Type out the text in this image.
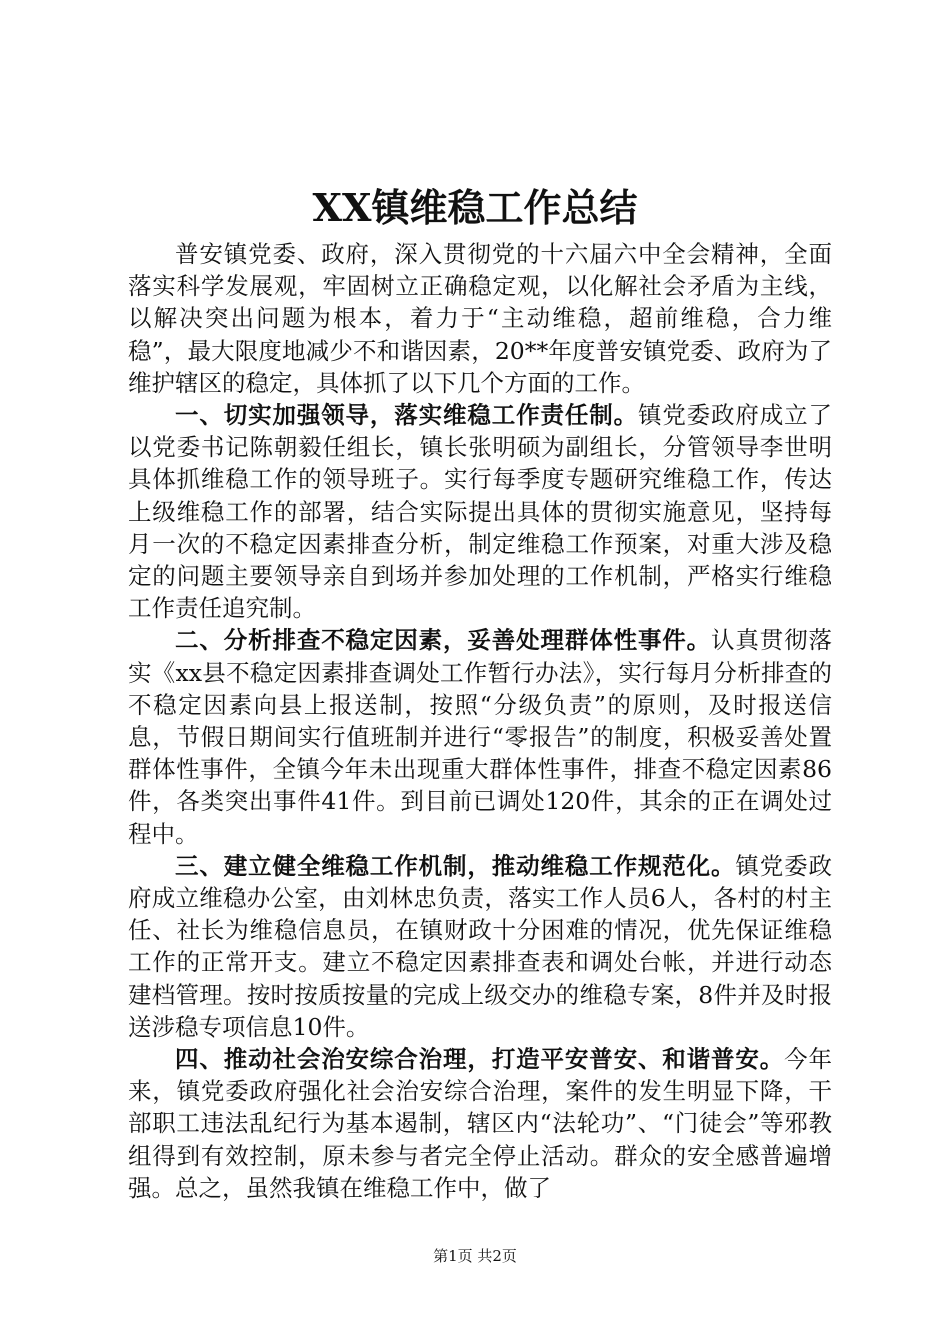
XX镇维稳工作总结

普安镇党委、政府，深入贯彻党的十六届六中全会精神，全面落实科学发展观，牢固树立正确稳定观，以化解社会矛盾为主线，以解决突出问题为根本，着力于“主动维稳，超前维稳，合力维稳”，最大限度地减少不和谐因素，20**年度普安镇党委、政府为了维护辖区的稳定，具体抓了以下几个方面的工作。

一、切实加强领导，落实维稳工作责任制。镇党委政府成立了以党委书记陈朝毅任组长，镇长张明硕为副组长，分管领导李世明具体抓维稳工作的领导班子。实行每季度专题研究维稳工作，传达上级维稳工作的部署，结合实际提出具体的贯彻实施意见，坚持每月一次的不稳定因素排查分析，制定维稳工作预案，对重大涉及稳定的问题主要领导亲自到场并参加处理的工作机制，严格实行维稳工作责任追究制。

二、分析排查不稳定因素，妥善处理群体性事件。认真贯彻落实《xx县不稳定因素排查调处工作暂行办法》，实行每月分析排查的不稳定因素向县上报送制，按照“分级负责”的原则，及时报送信息，节假日期间实行值班制并进行“零报告”的制度，积极妥善处置群体性事件，全镇今年未出现重大群体性事件，排查不稳定因素86件，各类突出事件41件。到目前已调处120件，其余的正在调处过程中。

三、建立健全维稳工作机制，推动维稳工作规范化。镇党委政府成立维稳办公室，由刘林忠负责，落实工作人员6人，各村的村主任、社长为维稳信息员，在镇财政十分困难的情况，优先保证维稳工作的正常开支。建立不稳定因素排查表和调处台帐，并进行动态建档管理。按时按质按量的完成上级交办的维稳专案，8件并及时报送涉稳专项信息10件。

四、推动社会治安综合治理，打造平安普安、和谐普安。今年来，镇党委政府强化社会治安综合治理，案件的发生明显下降，干部职工违法乱纪行为基本遏制，辖区内“法轮功”、“门徒会”等邪教组得到有效控制，原未参与者完全停止活动。群众的安全感普遍增强。总之，虽然我镇在维稳工作中，做了

第1页 共2页
